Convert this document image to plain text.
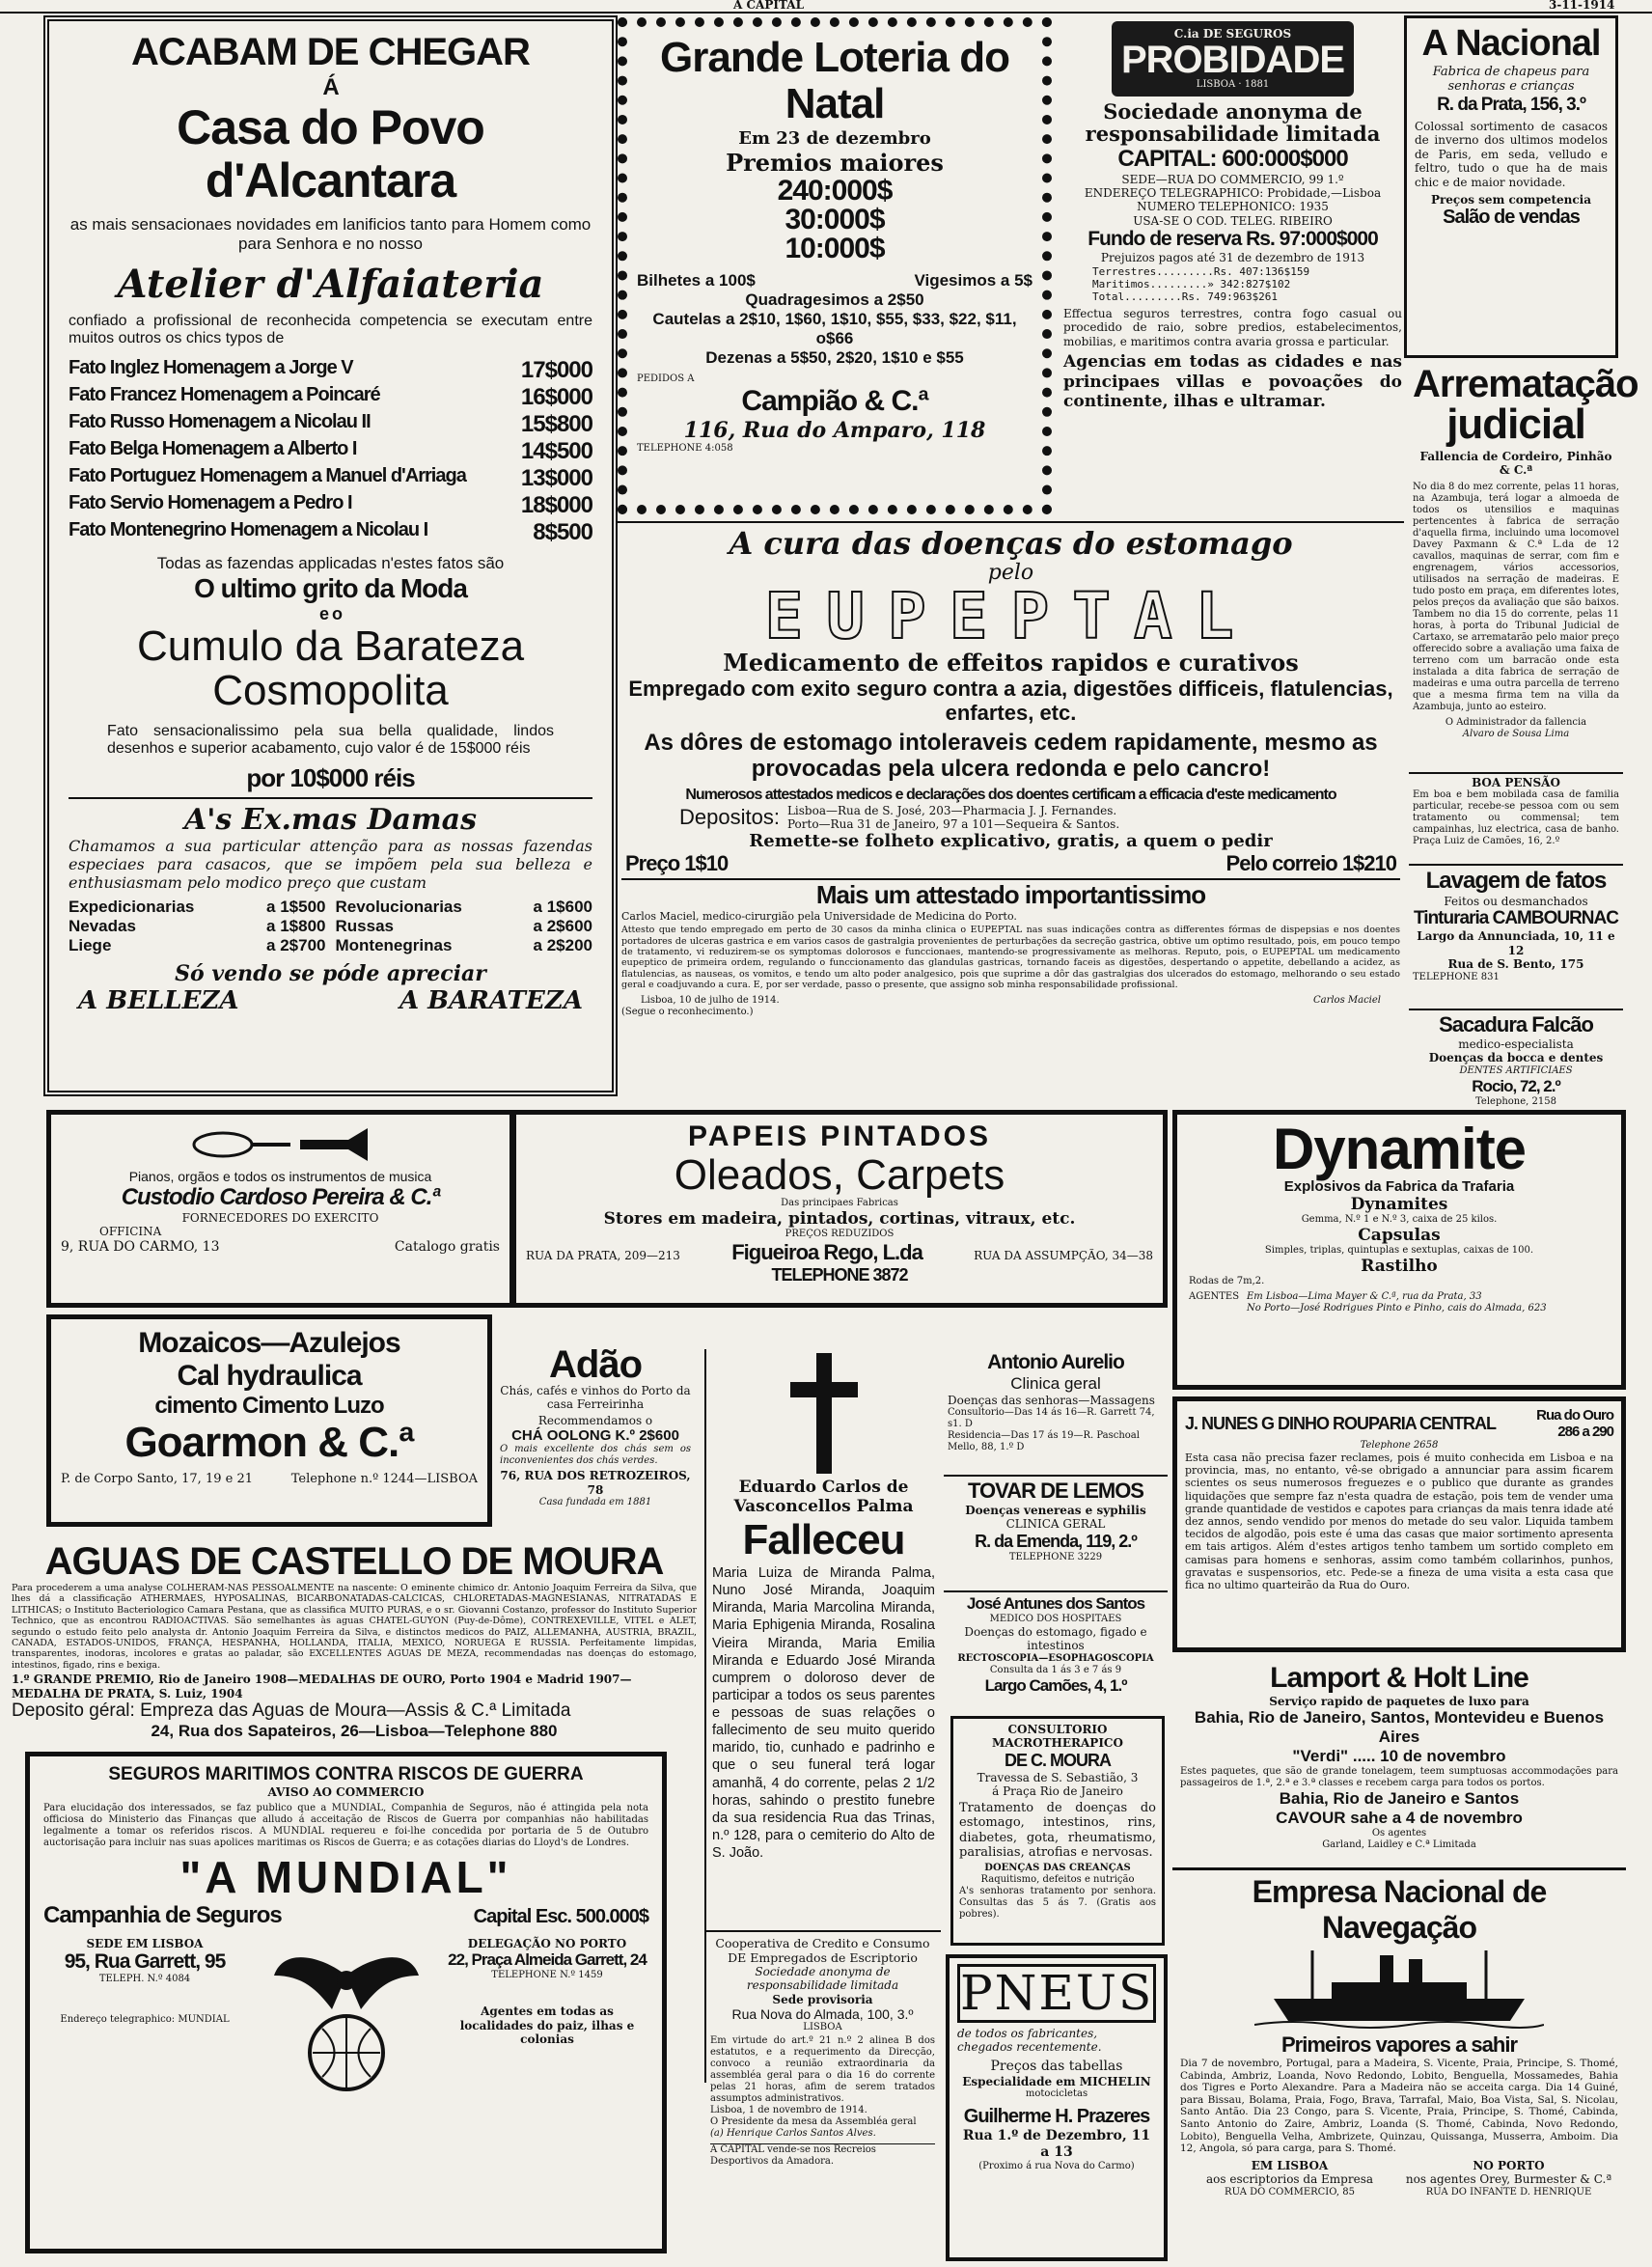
A CAPITAL	3-11-1914
ACABAM DE CHEGAR
Á
Casa do Povo d'Alcantara
as mais sensacionaes novidades em lanificios tanto para Homem como para Senhora e no nosso
Atelier d'Alfaiateria
confiado a profissional de reconhecida competencia se executam entre muitos outros os chics typos de
Fato Inglez Homenagem a Jorge V	17$000
Fato Francez Homenagem a Poincaré	16$000
Fato Russo Homenagem a Nicolau II	15$800
Fato Belga Homenagem a Alberto I	14$500
Fato Portuguez Homenagem a Manuel d'Arriaga 13$000
Fato Servio Homenagem a Pedro I	18$000
Fato Montenegrino Homenagem a Nicolau I	8$500
Todas as fazendas applicadas n'estes fatos são
O ultimo grito da Moda
e o
Cumulo da Barateza
Cosmopolita
Fato sensacionalissimo pela sua bella qualidade, lindos desenhos e superior acabamento, cujo valor é de 15$000 réis
por 10$000 réis
A's Ex.mas Damas
Chamamos a sua particular attenção para as nossas fazendas especiaes para casacos, que se impõem pela sua belleza e enthusiasmam pelo modico preço que custam
Expedicionarias	a 1$500 Revolucionarias	a 1$600
Nevadas	a 1$800 Russas	a 2$600
Liege	a 2$700 Montenegrinas	a 2$200
Só vendo se póde apreciar
A BELLEZA	A BARATEZA
Grande Loteria do Natal
Em 23 de dezembro
Premios maiores
240:000$
30:000$
10:000$
Bilhetes a 100$	Vigesimos a 5$
Quadragesimos a 2$50
Cautelas a 2$10, 1$60, 1$10, $55, $33, $22, $11, o$66
Dezenas a 5$50, 2$20, 1$10 e $55
PEDIDOS A
Campião & C.ª
116, Rua do Amparo, 118
TELEPHONE 4:058
C.ia DE SEGUROS
PROBIDADE
LISBOA · 1881
Sociedade anonyma de responsabilidade limitada
CAPITAL: 600:000$000
SEDE—RUA DO COMMERCIO, 99 1.º
ENDEREÇO TELEGRAPHICO: Probidade,—Lisboa
NUMERO TELEPHONICO: 1935
USA-SE O COD. TELEG. RIBEIRO
Fundo de reserva Rs. 97:000$000
Prejuizos pagos até 31 de dezembro de 1913
Terrestres.........Rs. 407:136$159
Maritimos.........» 342:827$102
Total.........Rs. 749:963$261
Effectua seguros terrestres, contra fogo casual ou procedido de raio, sobre predios, estabelecimentos, mobilias, e maritimos contra avaria grossa e particular.
Agencias em todas as cidades e nas principaes villas e povoações do continente, ilhas e ultramar.
A Nacional
Fabrica de chapeus para senhoras e crianças
R. da Prata, 156, 3.º
Colossal sortimento de casacos de inverno dos ultimos modelos de Paris, em seda, velludo e feltro, tudo o que ha de mais chic e de maior novidade.
Preços sem competencia
Salão de vendas
Arrematação
judicial
Fallencia de Cordeiro, Pinhão & C.ª
No dia 8 do mez corrente, pelas 11 horas, na Azambuja, terá logar a almoeda de todos os utensilios e maquinas pertencentes à fabrica de serração d'aquella firma, incluindo uma locomovel Davey Paxmann & C.ª L.da de 12 cavallos, maquinas de serrar, com fim e engrenagem, vários accessorios, utilisados na serração de madeiras. E tudo posto em praça, em diferentes lotes, pelos preços da avaliação que são baixos. Tambem no dia 15 do corrente, pelas 11 horas, à porta do Tribunal Judicial de Cartaxo, se arrematarão pelo maior preço offerecido sobre a avaliação uma faixa de terreno com um barracão onde esta instalada a dita fabrica de serração de madeiras e uma outra parcella de terreno que a mesma firma tem na villa da Azambuja, junto ao esteiro.
O Administrador da fallencia
Alvaro de Sousa Lima
BOA PENSÃO
Em boa e bem mobilada casa de familia particular, recebe-se pessoa com ou sem tratamento ou commensal; tem campainhas, luz electrica, casa de banho. Praça Luiz de Camões, 16, 2.º
Lavagem de fatos
Feitos ou desmanchados
Tinturaria CAMBOURNAC
Largo da Annunciada, 10, 11 e 12
Rua de S. Bento, 175
TELEPHONE 831
Sacadura Falcão
medico-especialista
Doenças da bocca e dentes
DENTES ARTIFICIAES
Rocio, 72, 2.º
Telephone, 2158
A cura das doenças do estomago
pelo
EUPEPTAL
Medicamento de effeitos rapidos e curativos
Empregado com exito seguro contra a azia, digestões difficeis, flatulencias, enfartes, etc.
As dôres de estomago intoleraveis cedem rapidamente, mesmo as provocadas pela ulcera redonda e pelo cancro!
Numerosos attestados medicos e declarações dos doentes certificam a efficacia d'este medicamento
Depositos: Lisboa—Rua de S. José, 203—Pharmacia J. J. Fernandes.
Porto—Rua 31 de Janeiro, 97 a 101—Sequeira & Santos.
Remette-se folheto explicativo, gratis, a quem o pedir
Preço 1$10	Pelo correio 1$210
Mais um attestado importantissimo
Carlos Maciel, medico-cirurgião pela Universidade de Medicina do Porto.
Attesto que tendo empregado em perto de 30 casos da minha clinica o EUPEPTAL nas suas indicações contra as differentes fórmas de dispepsias e nos doentes portadores de ulceras gastrica e em varios casos de gastralgia provenientes de perturbações da secreção gastrica, obtive um optimo resultado, pois, em pouco tempo de tratamento, vi reduzirem-se os symptomas dolorosos e funccionaes, mantendo-se progressivamente as melhoras. Reputo, pois, o EUPEPTAL um medicamento eupeptico de primeira ordem, regulando o funccionamento das glandulas gastricas, tornando faceis as digestões, despertando o appetite, debellando a acidez, as flatulencias, as nauseas, os vomitos, e tendo um alto poder analgesico, pois que suprime a dôr das gastralgias dos ulcerados do estomago, melhorando o seu estado geral e coadjuvando a cura. E, por ser verdade, passo o presente, que assigno sob minha responsabilidade profissional.
Lisboa, 10 de julho de 1914.	Carlos Maciel
(Segue o reconhecimento.)
Pianos, orgãos e todos os instrumentos de musica
Custodio Cardoso Pereira & C.ª
FORNECEDORES DO EXERCITO
OFFICINA
9, RUA DO CARMO, 13	Catalogo gratis
PAPEIS PINTADOS
Oleados, Carpets
Das principaes Fabricas
Stores em madeira, pintados, cortinas, vitraux, etc.
PREÇOS REDUZIDOS
RUA DA PRATA, 209—213 Figueiroa Rego, L.da	RUA DA ASSUMPÇÃO, 34—38
TELEPHONE 3872
Dynamite
Explosivos da Fabrica da Trafaria
Dynamites
Gemma, N.º 1 e N.º 3, caixa de 25 kilos.
Capsulas
Simples, triplas, quintuplas e sextuplas, caixas de 100.
Rastilho
Rodas de 7m,2.
AGENTES Em Lisboa—Lima Mayer & C.ª, rua da Prata, 33
No Porto—José Rodrigues Pinto e Pinho, cais do Almada, 623
Mozaicos—Azulejos
Cal hydraulica
cimento Cimento Luzo
Goarmon & C.ª
P. de Corpo Santo, 17, 19 e 21	Telephone n.º 1244—LISBOA
Adão
Chás, cafés e vinhos do Porto da casa Ferreirinha
Recommendamos o
CHÁ OOLONG K.º 2$600
O mais excellente dos chás sem os inconvenientes dos chás verdes.
76, RUA DOS RETROZEIROS, 78
Casa fundada em 1881
AGUAS DE CASTELLO DE MOURA
Para procederem a uma analyse COLHERAM-NAS PESSOALMENTE na nascente: O eminente chimico dr. Antonio Joaquim Ferreira da Silva, que lhes dá a classificação ATHERMAES, HYPOSALINAS, BICARBONATADAS-CALCICAS, CHLORETADAS-MAGNESIANAS, NITRATADAS E LITHICAS; o Instituto Bacteriologico Camara Pestana, que as classifica MUITO PURAS, e o sr. Giovanni Costanzo, professor do Instituto Superior Technico, que as encontrou RADIOACTIVAS. São semelhantes às aguas CHATEL-GUYON (Puy-de-Dôme), CONTREXEVILLE, VITEL e ALET, segundo o estudo feito pelo analysta dr. Antonio Joaquim Ferreira da Silva, e distinctos medicos do PAIZ, ALLEMANHA, AUSTRIA, BRAZIL, CANADA, ESTADOS-UNIDOS, FRANÇA, HESPANHA, HOLLANDA, ITALIA, MEXICO, NORUEGA E RUSSIA. Perfeitamente limpidas, transparentes, inodoras, incolores e gratas ao paladar, são EXCELLENTES AGUAS DE MEZA, recommendadas nas doenças do estomago, intestinos, figado, rins e bexiga.
1.º GRANDE PREMIO, Rio de Janeiro 1908—MEDALHAS DE OURO, Porto 1904 e Madrid 1907—MEDALHA DE PRATA, S. Luiz, 1904
Deposito géral: Empreza das Aguas de Moura—Assis & C.ª Limitada
24, Rua dos Sapateiros, 26—Lisboa—Telephone 880
SEGUROS MARITIMOS CONTRA RISCOS DE GUERRA
AVISO AO COMMERCIO
Para elucidação dos interessados, se faz publico que a MUNDIAL, Companhia de Seguros, não é attingida pela nota officiosa do Ministerio das Finanças que alludo á acceitação de Riscos de Guerra por companhias não habilitadas legalmente a tomar os referidos riscos. A MUNDIAL requereu e foi-lhe concedida por portaria de 5 de Outubro auctorisação para incluir nas suas apolices maritimas os Riscos de Guerra; e as cotações diarias do Lloyd's de Londres.
"A MUNDIAL"
Campanhia de Seguros	Capital Esc. 500.000$
SEDE EM LISBOA
95, Rua Garrett, 95
TELEPH. N.º 4084
Endereço telegraphico: MUNDIAL
DELEGAÇÃO NO PORTO
22, Praça Almeida Garrett, 24
TELEPHONE N.º 1459
Agentes em todas as localidades do paiz, ilhas e colonias
Eduardo Carlos de Vasconcellos Palma
Falleceu
Maria Luiza de Miranda Palma, Nuno José Miranda, Joaquim Miranda, Maria Marcolina Miranda, Maria Ephigenia Miranda, Rosalina Vieira Miranda, Maria Emilia Miranda e Eduardo José Miranda cumprem o doloroso dever de participar a todos os seus parentes e pessoas de suas relações o fallecimento de seu muito querido marido, tio, cunhado e padrinho e que o seu funeral terá logar amanhã, 4 do corrente, pelas 2 1/2 horas, sahindo o prestito funebre da sua residencia Rua das Trinas, n.º 128, para o cemiterio do Alto de S. João.
Cooperativa de Credito e Consumo DE Empregados de Escriptorio
Sociedade anonyma de responsabilidade limitada
Sede provisoria
Rua Nova do Almada, 100, 3.º
LISBOA
Em virtude do art.º 21 n.º 2 alinea B dos estatutos, e a requerimento da Direcção, convoco a reunião extraordinaria da assembléa geral para o dia 16 do corrente pelas 21 horas, afim de serem tratados assumptos administrativos.
Lisboa, 1 de novembro de 1914.
O Presidente da mesa da Assembléa geral
(a) Henrique Carlos Santos Alves.
A CAPITAL vende-se nos Recreios Desportivos da Amadora.
Antonio Aurelio
Clinica geral
Doenças das senhoras—Massagens
Consultorio—Das 14 ás 16—R. Garrett 74, s1. D
Residencia—Das 17 ás 19—R. Paschoal Mello, 88, 1.º D
TOVAR DE LEMOS
Doenças venereas e syphilis
CLINICA GERAL
R. da Emenda, 119, 2.º
TELEPHONE 3229
José Antunes dos Santos
MEDICO DOS HOSPITAES
Doenças do estomago, figado e intestinos
RECTOSCOPIA—ESOPHAGOSCOPIA
Consulta da 1 ás 3 e 7 ás 9
Largo Camões, 4, 1.º
CONSULTORIO MACROTHERAPICO
DE C. MOURA
Travessa de S. Sebastião, 3
á Praça Rio de Janeiro
Tratamento de doenças do estomago, intestinos, rins, diabetes, gota, rheumatismo, paralisias, atrofias e nervosas.
DOENÇAS DAS CREANÇAS
Raquitismo, defeitos e nutrição
A's senhoras tratamento por senhora. Consultas das 5 ás 7. (Gratis aos pobres).
PNEUS
de todos os fabricantes, chegados recentemente.
Preços das tabellas
Especialidade em MICHELIN
motocicletas
Guilherme H. Prazeres
Rua 1.º de Dezembro, 11 a 13
(Proximo á rua Nova do Carmo)
J. NUNES G DINHO ROUPARIA CENTRAL	Rua do Ouro 286 a 290
Telephone 2658
Esta casa não precisa fazer reclames, pois é muito conhecida em Lisboa e na provincia, mas, no entanto, vê-se obrigado a annunciar para assim ficarem scientes os seus numerosos freguezes e o publico que durante as grandes liquidações que sempre faz n'esta quadra de estação, pois tem de vender uma grande quantidade de vestidos e capotes para crianças da mais tenra idade até dez annos, sendo vendido por menos do metade do seu valor. Liquida tambem tecidos de algodão, pois este é uma das casas que maior sortimento apresenta em tais artigos. Além d'estes artigos tenho tambem um sortido completo em camisas para homens e senhoras, assim como também collarinhos, punhos, gravatas e suspensorios, etc. Pede-se a fineza de uma visita a esta casa que fica no ultimo quarteirão da Rua do Ouro.
Lamport & Holt Line
Serviço rapido de paquetes de luxo para
Bahia, Rio de Janeiro, Santos, Montevideu e Buenos Aires
"Verdi" ..... 10 de novembro
Estes paquetes, que são de grande tonelagem, teem sumptuosas accommodações para passageiros de 1.ª, 2.ª e 3.ª classes e recebem carga para todos os portos.
Bahia, Rio de Janeiro e Santos
CAVOUR sahe a 4 de novembro
Os agentes
Garland, Laidley e C.ª Limitada
Empresa Nacional de Navegação
Primeiros vapores a sahir
Dia 7 de novembro, Portugal, para a Madeira, S. Vicente, Praia, Principe, S. Thomé, Cabinda, Ambriz, Loanda, Novo Redondo, Lobito, Benguella, Mossamedes, Bahia dos Tigres e Porto Alexandre. Para a Madeira não se acceita carga. Dia 14 Guiné, para Bissau, Bolama, Praia, Fogo, Brava, Tarrafal, Maio, Boa Vista, Sal, S. Nicolau, Santo Antão. Dia 23 Congo, para S. Vicente, Praia, Principe, S. Thomé, Cabinda, Santo Antonio do Zaire, Ambriz, Loanda (S. Thomé, Cabinda, Novo Redondo, Lobito), Benguella Velha, Ambrizete, Quinzau, Quissanga, Musserra, Amboim. Dia 12, Angola, só para carga, para S. Thomé.
EM LISBOA
aos escriptorios da Empresa
RUA DO COMMERCIO, 85
NO PORTO
nos agentes Orey, Burmester & C.ª
RUA DO INFANTE D. HENRIQUE
